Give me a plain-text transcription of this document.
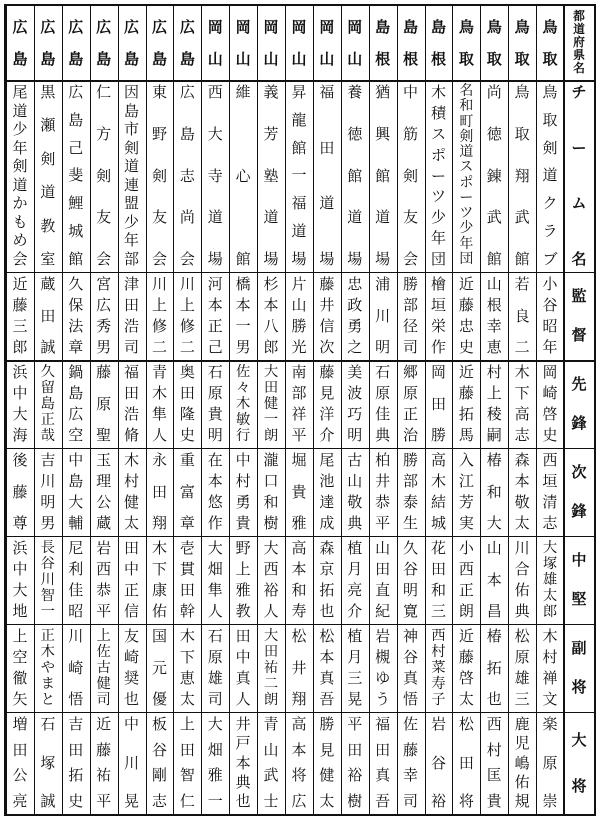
都
道
府
県
名
チ
ー
ム
名
監
督
先
鋒
次
鋒
中
堅
副
将
大
将
鳥
取
鳥
取
剣
道
ク
ラ
ブ
小
谷
昭
年
岡
崎
啓
史
西
垣
清
志
大
塚
雄
太
郎
木
村
禅
文
楽
原
崇
鳥
取
鳥
取
翔
武
館
若
良
二
木
下
高
志
森
本
敬
太
川
合
佑
典
松
原
雄
三
鹿
児
嶋
佑
規
鳥
取
尚
徳
錬
武
館
山
根
幸
恵
村
上
稜
嗣
椿
和
大
山
本
昌
椿
拓
也
西
村
匡
貴
鳥
取
名
和
町
剣
道
ス
ポ
ー
ツ
少
年
団
近
藤
忠
史
近
藤
拓
馬
入
江
芳
実
小
西
正
朗
近
藤
啓
太
松
田
将
島
根
木
積
ス
ポ
ー
ツ
少
年
団
檜
垣
栄
作
岡
田
勝
高
木
結
城
花
田
和
三
西
村
菜
寿
子
岩
谷
裕
島
根
中
筋
剣
友
会
勝
部
径
司
郷
原
正
治
勝
部
泰
生
久
谷
明
寛
神
谷
真
悟
佐
藤
幸
司
島
根
猶
興
館
道
場
浦
川
明
石
原
佳
典
柏
井
恭
平
山
田
直
紀
岩
槻
ゆ
う
福
田
真
吾
岡
山
養
徳
館
道
場
忠
政
勇
之
美
波
巧
明
古
山
敬
典
植
月
亮
介
植
月
三
晃
平
田
裕
樹
岡
山
福
田
道
場
藤
井
信
次
藤
見
洋
介
尾
池
達
成
森
京
拓
也
松
本
真
吾
勝
見
健
太
岡
山
昇
龍
館
一
福
道
場
片
山
勝
光
南
部
祥
平
堀
貴
雅
高
本
和
寿
松
井
翔
高
本
将
広
岡
山
義
芳
塾
道
場
杉
本
八
郎
大
田
健
一
朗
瀧
口
和
樹
大
西
裕
人
大
田
祐
二
朗
青
山
武
士
岡
山
維
心
館
橋
本
一
男
佐
々
木
敏
行
中
村
勇
貴
野
上
雅
教
田
中
真
人
井
戸
本
典
也
岡
山
西
大
寺
道
場
河
本
正
己
石
原
貴
明
在
本
悠
作
大
畑
隼
人
石
原
雄
司
大
畑
雅
一
広
島
広
島
志
尚
会
川
上
修
二
奥
田
隆
史
重
富
章
壱
貫
田
幹
木
下
恵
太
上
田
智
仁
広
島
東
野
剣
友
会
川
上
修
二
青
木
隼
人
永
田
翔
木
下
康
佑
国
元
優
板
谷
剛
志
広
島
因
島
市
剣
道
連
盟
少
年
部
津
田
浩
司
福
田
浩
脩
木
村
健
太
田
中
正
信
友
崎
奨
也
中
川
晃
広
島
仁
方
剣
友
会
宮
広
秀
男
藤
原
聖
玉
理
公
蔵
岩
西
恭
平
上
佐
古
健
司
近
藤
祐
平
広
島
広
島
己
斐
鯉
城
館
久
保
法
章
鍋
島
広
空
中
島
大
輔
尼
利
佳
昭
川
崎
悟
吉
田
拓
史
広
島
黒
瀬
剣
道
教
室
蔵
田
誠
久
留
島
正
哉
吉
川
明
男
長
谷
川
智
一
正
木
や
ま
と
石
塚
誠
広
島
尾
道
少
年
剣
道
か
も
め
会
近
藤
三
郎
浜
中
大
海
後
藤
尊
浜
中
大
地
上
空
徹
矢
増
田
公
亮
